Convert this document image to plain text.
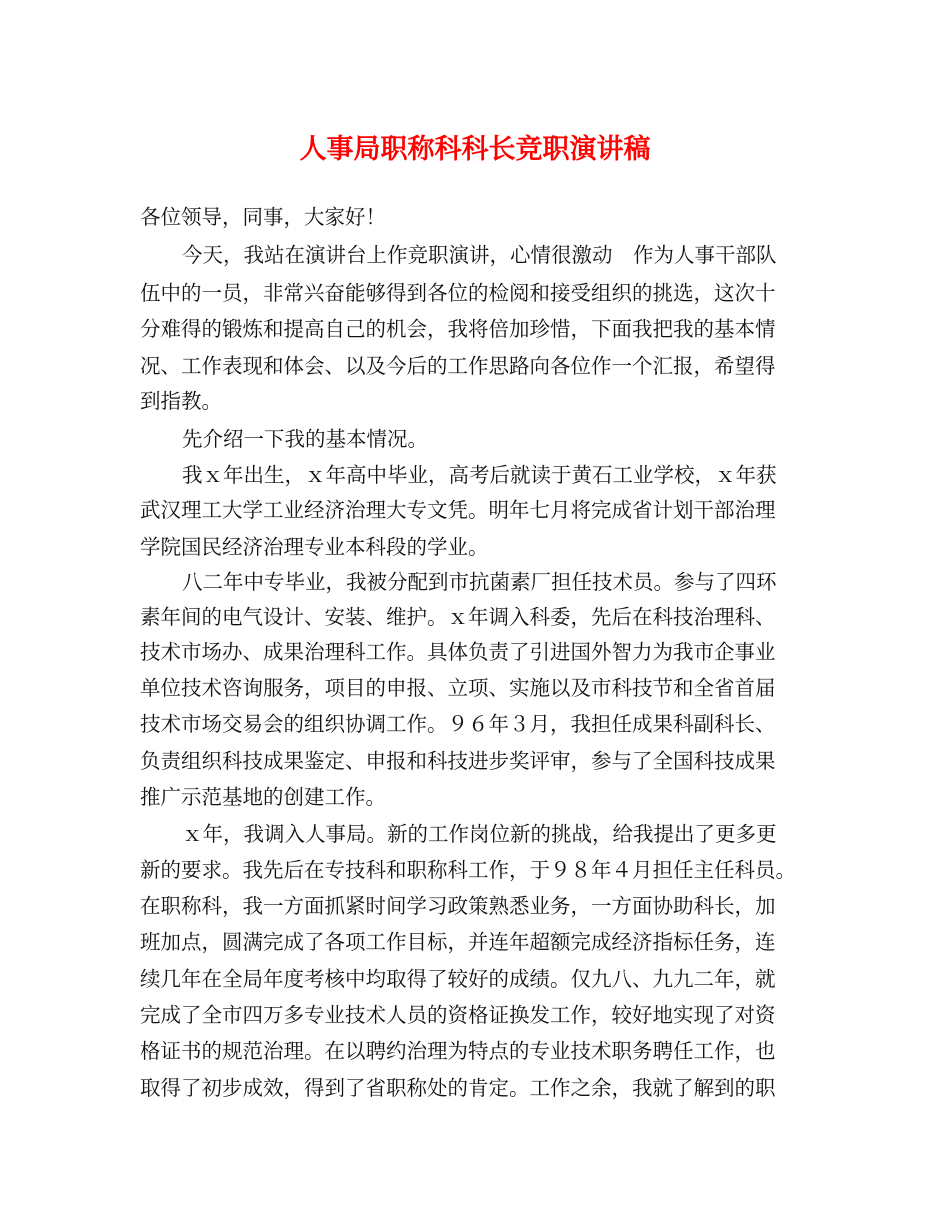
人事局职称科科长竞职演讲稿

各位领导，同事，大家好！

今天，我站在演讲台上作竞职演讲，心情很激动　作为人事干部队

伍中的一员，非常兴奋能够得到各位的检阅和接受组织的挑选，这次十

分难得的锻炼和提高自己的机会，我将倍加珍惜，下面我把我的基本情

况、工作表现和体会、以及今后的工作思路向各位作一个汇报，希望得

到指教。

先介绍一下我的基本情况。

我ｘ年出生，ｘ年高中毕业，高考后就读于黄石工业学校，ｘ年获

武汉理工大学工业经济治理大专文凭。明年七月将完成省计划干部治理

学院国民经济治理专业本科段的学业。

八二年中专毕业，我被分配到市抗菌素厂担任技术员。参与了四环

素年间的电气设计、安装、维护。ｘ年调入科委，先后在科技治理科、

技术市场办、成果治理科工作。具体负责了引进国外智力为我市企事业

单位技术咨询服务，项目的申报、立项、实施以及市科技节和全省首届

技术市场交易会的组织协调工作。９６年３月，我担任成果科副科长、

负责组织科技成果鉴定、申报和科技进步奖评审，参与了全国科技成果

推广示范基地的创建工作。

ｘ年，我调入人事局。新的工作岗位新的挑战，给我提出了更多更

新的要求。我先后在专技科和职称科工作，于９８年４月担任主任科员。

在职称科，我一方面抓紧时间学习政策熟悉业务，一方面协助科长，加

班加点，圆满完成了各项工作目标，并连年超额完成经济指标任务，连

续几年在全局年度考核中均取得了较好的成绩。仅九八、九九二年，就

完成了全市四万多专业技术人员的资格证换发工作，较好地实现了对资

格证书的规范治理。在以聘约治理为特点的专业技术职务聘任工作，也

取得了初步成效，得到了省职称处的肯定。工作之余，我就了解到的职
